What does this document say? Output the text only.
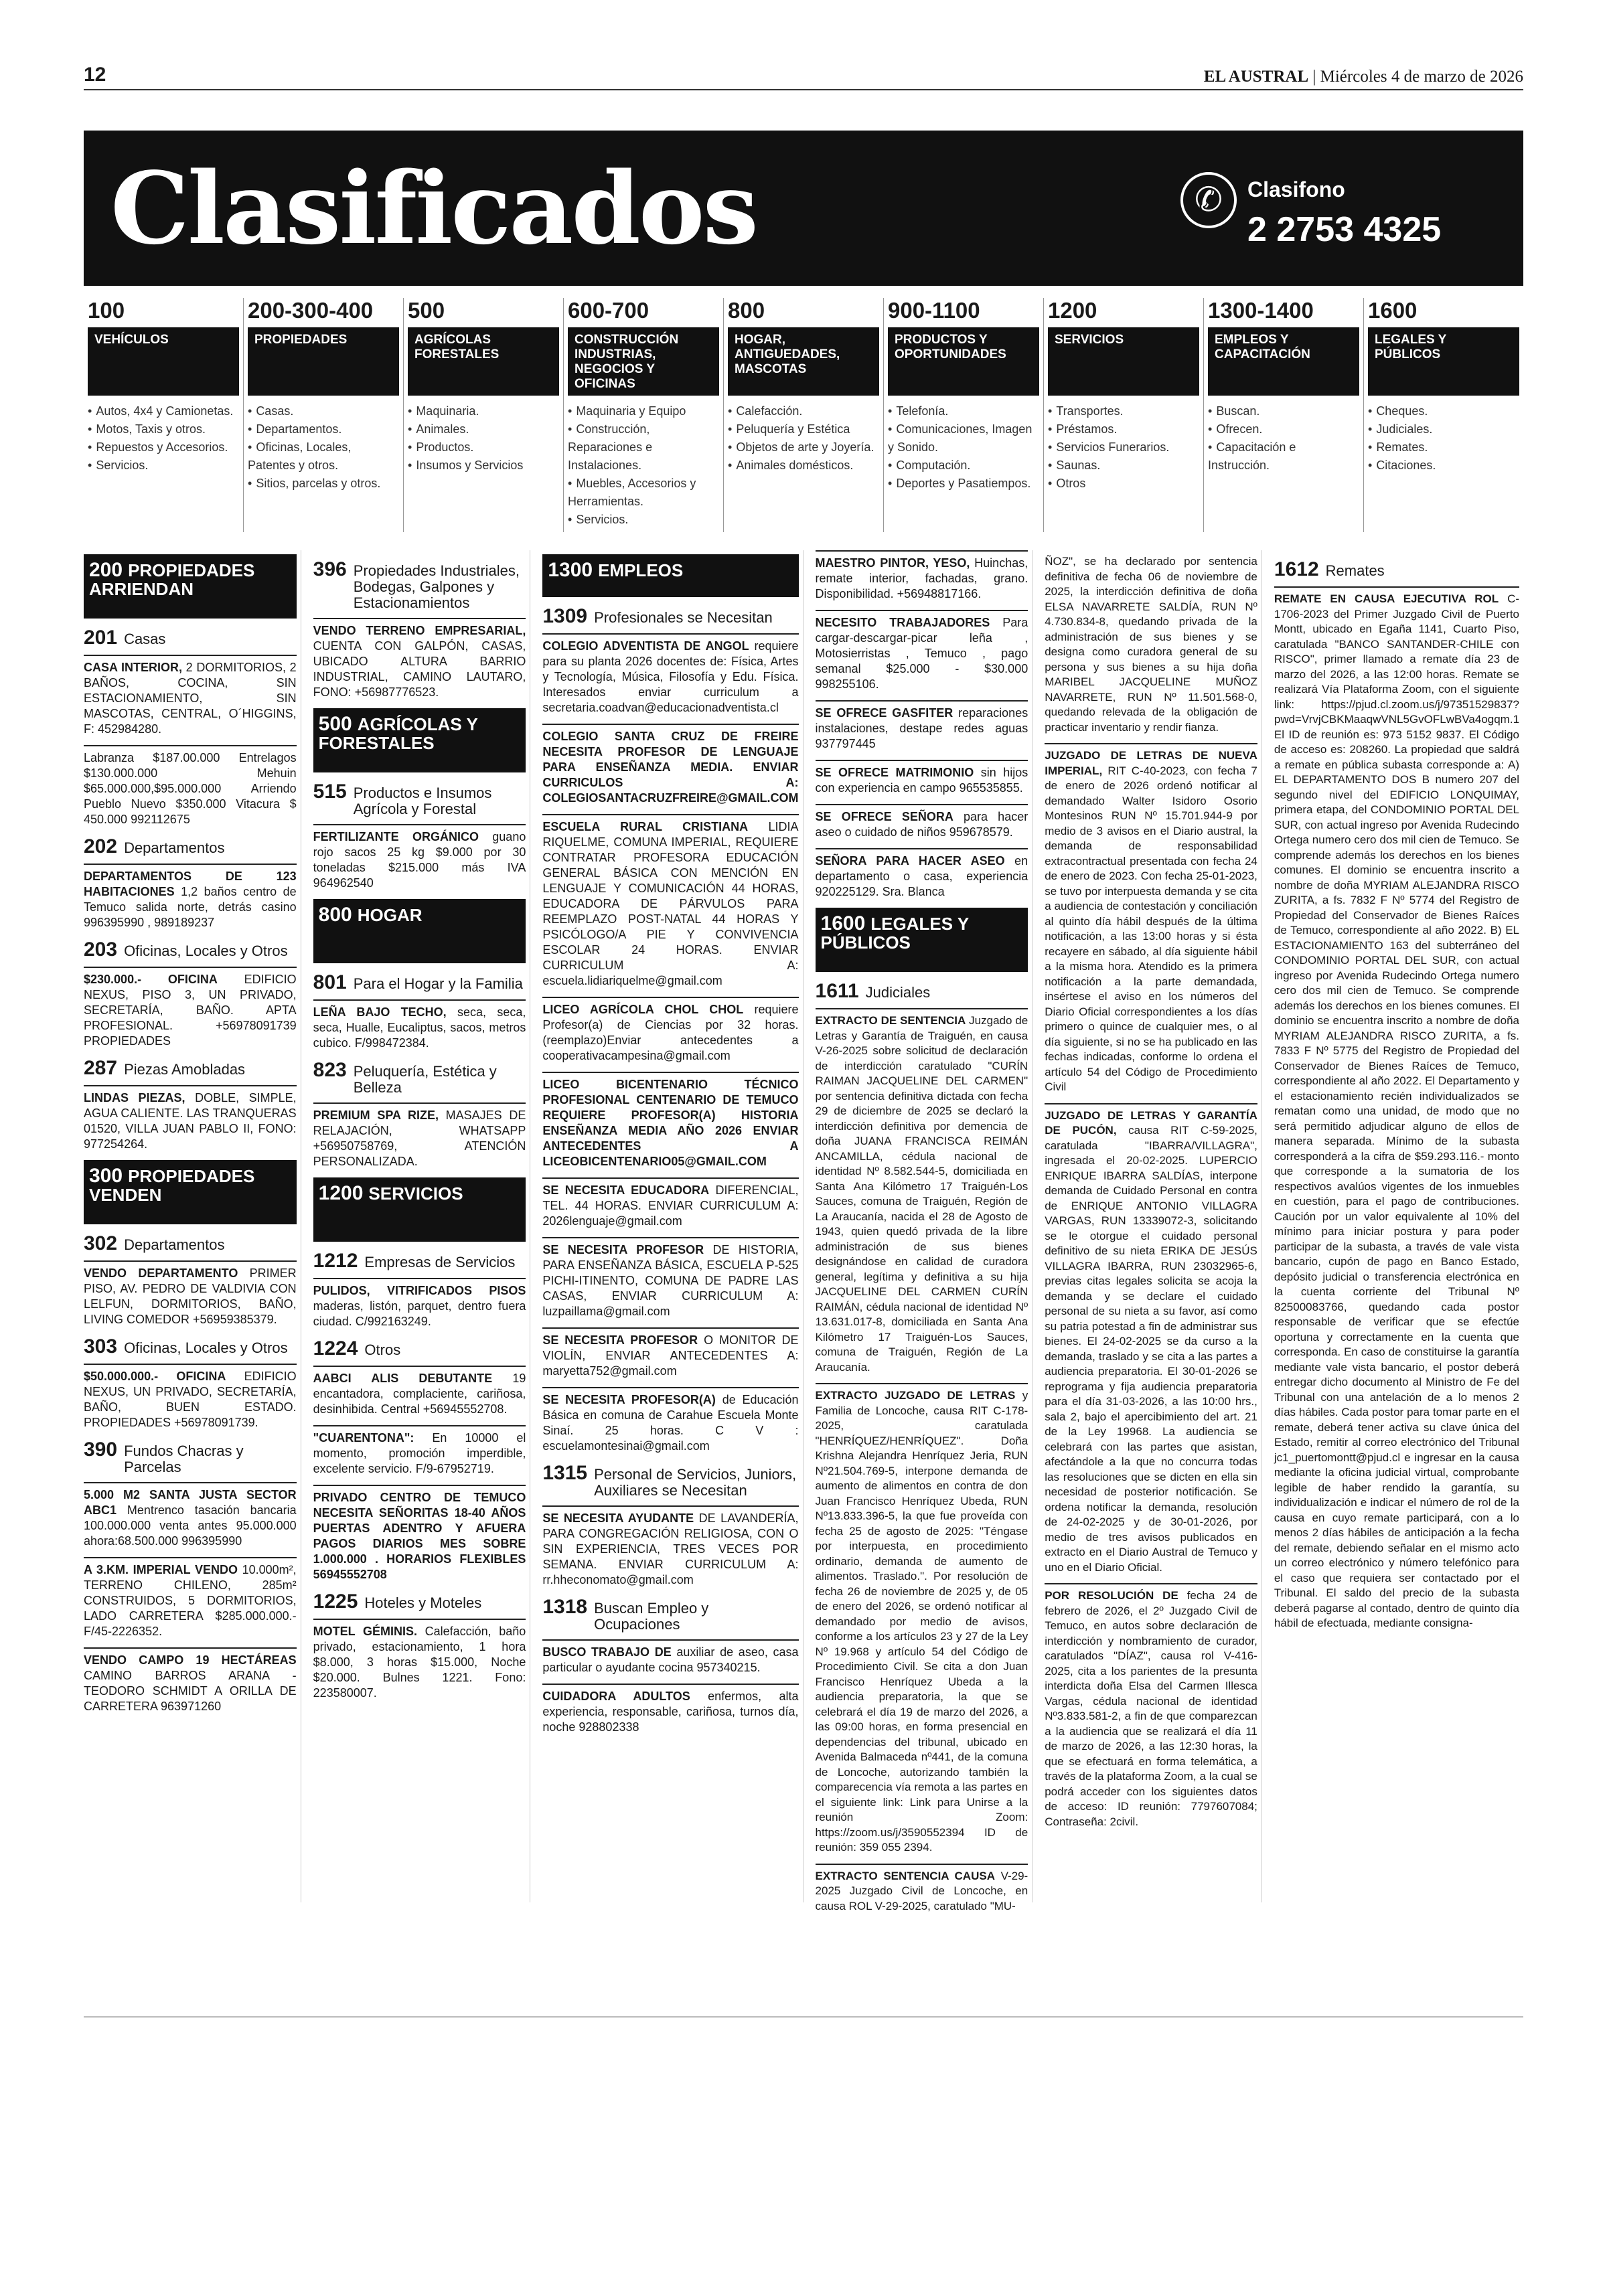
12	EL AUSTRAL | Miércoles 4 de marzo de 2026
Clasificados	✆	Clasifono
2 2753 4325
100
VEHÍCULOS
• Autos, 4x4 y Camionetas.
• Motos, Taxis y otros.
• Repuestos y Accesorios.
• Servicios.
200-300-400
PROPIEDADES
• Casas.
• Departamentos.
• Oficinas, Locales, Patentes y otros.
• Sitios, parcelas y otros.
500
AGRÍCOLAS FORESTALES
• Maquinaria.
• Animales.
• Productos.
• Insumos y Servicios
600-700
CONSTRUCCIÓN INDUSTRIAS, NEGOCIOS Y OFICINAS
• Maquinaria y Equipo
• Construcción, Reparaciones e Instalaciones.
• Muebles, Accesorios y Herramientas.
• Servicios.
800
HOGAR, ANTIGUEDADES, MASCOTAS
• Calefacción.
• Peluquería y Estética
• Objetos de arte y Joyería.
• Animales domésticos.
900-1100
PRODUCTOS Y OPORTUNIDADES
• Telefonía.
• Comunicaciones, Imagen y Sonido.
• Computación.
• Deportes y Pasatiempos.
1200
SERVICIOS
• Transportes.
• Préstamos.
• Servicios Funerarios.
• Saunas.
• Otros
1300-1400
EMPLEOS Y CAPACITACIÓN
• Buscan.
• Ofrecen.
• Capacitación e Instrucción.
1600
LEGALES Y PÚBLICOS
• Cheques.
• Judiciales.
• Remates.
• Citaciones.
200 PROPIEDADES ARRIENDAN
201 Casas
CASA INTERIOR, 2 DORMITORIOS, 2 BAÑOS, COCINA, SIN ESTACIONAMIENTO, SIN MASCOTAS, CENTRAL, O´HIGGINS, F: 452984280.
Labranza $187.00.000 Entrelagos $130.000.000 Mehuin $65.000.000,$95.000.000 Arriendo Pueblo Nuevo $350.000 Vitacura $ 450.000 992112675
202 Departamentos
DEPARTAMENTOS DE 123 HABITACIONES 1,2 baños centro de Temuco salida norte, detrás casino 996395990 , 989189237
203 Oficinas, Locales y Otros
$230.000.- OFICINA EDIFICIO NEXUS, PISO 3, UN PRIVADO, SECRETARÍA, BAÑO. APTA PROFESIONAL. +56978091739 PROPIEDADES
287 Piezas Amobladas
LINDAS PIEZAS, DOBLE, SIMPLE, AGUA CALIENTE. LAS TRANQUERAS 01520, VILLA JUAN PABLO II, FONO: 977254264.
300 PROPIEDADES VENDEN
302 Departamentos
VENDO DEPARTAMENTO PRIMER PISO, AV. PEDRO DE VALDIVIA CON LELFUN, DORMITORIOS, BAÑO, LIVING COMEDOR +56959385379.
303 Oficinas, Locales y Otros
$50.000.000.- OFICINA EDIFICIO NEXUS, UN PRIVADO, SECRETARÍA, BAÑO, BUEN ESTADO. PROPIEDADES +56978091739.
390 Fundos Chacras y Parcelas
5.000 M2 SANTA JUSTA SECTOR ABC1 Mentrenco tasación bancaria 100.000.000 venta antes 95.000.000 ahora:68.500.000 996395990
A 3.KM. IMPERIAL VENDO 10.000m², TERRENO CHILENO, 285m² CONSTRUIDOS, 5 DORMITORIOS, LADO CARRETERA $285.000.000.- F/45-2226352.
VENDO CAMPO 19 HECTÁREAS CAMINO BARROS ARANA - TEODORO SCHMIDT A ORILLA DE CARRETERA 963971260
396 Propiedades Industriales, Bodegas, Galpones y Estacionamientos
VENDO TERRENO EMPRESARIAL, CUENTA CON GALPÓN, CASAS, UBICADO ALTURA BARRIO INDUSTRIAL, CAMINO LAUTARO, FONO: +56987776523.
500 AGRÍCOLAS Y FORESTALES
515 Productos e Insumos Agrícola y Forestal
FERTILIZANTE ORGÁNICO guano rojo sacos 25 kg $9.000 por 30 toneladas $215.000 más IVA 964962540
800 HOGAR
801 Para el Hogar y la Familia
LEÑA BAJO TECHO, seca, seca, seca, Hualle, Eucaliptus, sacos, metros cubico. F/998472384.
823 Peluquería, Estética y Belleza
PREMIUM SPA RIZE, MASAJES DE RELAJACIÓN, WHATSAPP +56950758769, ATENCIÓN PERSONALIZADA.
1200 SERVICIOS
1212 Empresas de Servicios
PULIDOS, VITRIFICADOS PISOS maderas, listón, parquet, dentro fuera ciudad. C/992163249.
1224 Otros
AABCI ALIS DEBUTANTE 19 encantadora, complaciente, cariñosa, desinhibida. Central +56945552708.
"CUARENTONA": En 10000 el momento, promoción imperdible, excelente servicio. F/9-67952719.
PRIVADO CENTRO DE TEMUCO NECESITA SEÑORITAS 18-40 AÑOS PUERTAS ADENTRO Y AFUERA PAGOS DIARIOS MES SOBRE 1.000.000 . HORARIOS FLEXIBLES 56945552708
1225 Hoteles y Moteles
MOTEL GÉMINIS. Calefacción, baño privado, estacionamiento, 1 hora $8.000, 3 horas $15.000, Noche $20.000. Bulnes 1221. Fono: 223580007.
1300 EMPLEOS
1309 Profesionales se Necesitan
COLEGIO ADVENTISTA DE ANGOL requiere para su planta 2026 docentes de: Física, Artes y Tecnología, Música, Filosofía y Edu. Física. Interesados enviar curriculum a secretaria.coadvan@educacionadventista.cl
COLEGIO SANTA CRUZ DE FREIRE NECESITA PROFESOR DE LENGUAJE PARA ENSEÑANZA MEDIA. ENVIAR CURRICULOS A: COLEGIOSANTACRUZFREIRE@GMAIL.COM
ESCUELA RURAL CRISTIANA LIDIA RIQUELME, COMUNA IMPERIAL, REQUIERE CONTRATAR PROFESORA EDUCACIÓN GENERAL BÁSICA CON MENCIÓN EN LENGUAJE Y COMUNICACIÓN 44 HORAS, EDUCADORA DE PÁRVULOS PARA REEMPLAZO POST-NATAL 44 HORAS Y PSICÓLOGO/A PIE Y CONVIVENCIA ESCOLAR 24 HORAS. ENVIAR CURRICULUM A: escuela.lidiariquelme@gmail.com
LICEO AGRÍCOLA CHOL CHOL requiere Profesor(a) de Ciencias por 32 horas. (reemplazo)Enviar antecedentes a cooperativacampesina@gmail.com
LICEO BICENTENARIO TÉCNICO PROFESIONAL CENTENARIO DE TEMUCO REQUIERE PROFESOR(A) HISTORIA ENSEÑANZA MEDIA AÑO 2026 ENVIAR ANTECEDENTES A LICEOBICENTENARIO05@GMAIL.COM
SE NECESITA EDUCADORA DIFERENCIAL, TEL. 44 HORAS. ENVIAR CURRICULUM A: 2026lenguaje@gmail.com
SE NECESITA PROFESOR DE HISTORIA, PARA ENSEÑANZA BÁSICA, ESCUELA P-525 PICHI-ITINENTO, COMUNA DE PADRE LAS CASAS, ENVIAR CURRICULUM A: luzpaillama@gmail.com
SE NECESITA PROFESOR O MONITOR DE VIOLÍN, ENVIAR ANTECEDENTES A: maryetta752@gmail.com
SE NECESITA PROFESOR(A) de Educación Básica en comuna de Carahue Escuela Monte Sinaí. 25 horas. C V : escuelamontesinai@gmail.com
1315 Personal de Servicios, Juniors, Auxiliares se Necesitan
SE NECESITA AYUDANTE DE LAVANDERÍA, PARA CONGREGACIÓN RELIGIOSA, CON O SIN EXPERIENCIA, TRES VECES POR SEMANA. ENVIAR CURRICULUM A: rr.hheconomato@gmail.com
1318 Buscan Empleo y Ocupaciones
BUSCO TRABAJO DE auxiliar de aseo, casa particular o ayudante cocina 957340215.
CUIDADORA ADULTOS enfermos, alta experiencia, responsable, cariñosa, turnos día, noche 928802338
MAESTRO PINTOR, YESO, Huinchas, remate interior, fachadas, grano. Disponibilidad. +56948817166.
NECESITO TRABAJADORES Para cargar-descargar-picar leña , Motosierristas , Temuco , pago semanal $25.000 - $30.000 998255106.
SE OFRECE GASFITER reparaciones instalaciones, destape redes aguas 937797445
SE OFRECE MATRIMONIO sin hijos con experiencia en campo 965535855.
SE OFRECE SEÑORA para hacer aseo o cuidado de niños 959678579.
SEÑORA PARA HACER ASEO en departamento o casa, experiencia 920225129. Sra. Blanca
1600 LEGALES Y PÚBLICOS
1611 Judiciales
EXTRACTO DE SENTENCIA Juzgado de Letras y Garantía de Traiguén, en causa V-26-2025 sobre solicitud de declaración de interdicción caratulado "CURÍN RAIMAN JACQUELINE DEL CARMEN" por sentencia definitiva dictada con fecha 29 de diciembre de 2025 se declaró la interdicción definitiva por demencia de doña JUANA FRANCISCA REIMÁN ANCAMILLA, cédula nacional de identidad Nº 8.582.544-5, domiciliada en Santa Ana Kilómetro 17 Traiguén-Los Sauces, comuna de Traiguén, Región de La Araucanía, nacida el 28 de Agosto de 1943, quien quedó privada de la libre administración de sus bienes designándose en calidad de curadora general, legítima y definitiva a su hija JACQUELINE DEL CARMEN CURÍN RAIMÁN, cédula nacional de identidad Nº 13.631.017-8, domiciliada en Santa Ana Kilómetro 17 Traiguén-Los Sauces, comuna de Traiguén, Región de La Araucanía.
EXTRACTO JUZGADO DE LETRAS y Familia de Loncoche, causa RIT C-178-2025, caratulada "HENRÍQUEZ/HENRÍQUEZ". Doña Krishna Alejandra Henríquez Jeria, RUN Nº21.504.769-5, interpone demanda de aumento de alimentos en contra de don Juan Francisco Henríquez Ubeda, RUN Nº13.833.396-5, la que fue proveída con fecha 25 de agosto de 2025: "Téngase por interpuesta, en procedimiento ordinario, demanda de aumento de alimentos. Traslado.". Por resolución de fecha 26 de noviembre de 2025 y, de 05 de enero del 2026, se ordenó notificar al demandado por medio de avisos, conforme a los artículos 23 y 27 de la Ley Nº 19.968 y artículo 54 del Código de Procedimiento Civil. Se cita a don Juan Francisco Henríquez Ubeda a la audiencia preparatoria, la que se celebrará el día 19 de marzo del 2026, a las 09:00 horas, en forma presencial en dependencias del tribunal, ubicado en Avenida Balmaceda nº441, de la comuna de Loncoche, autorizando también la comparecencia vía remota a las partes en el siguiente link: Link para Unirse a la reunión Zoom: https://zoom.us/j/3590552394 ID de reunión: 359 055 2394.
EXTRACTO SENTENCIA CAUSA V-29-2025 Juzgado Civil de Loncoche, en causa ROL V-29-2025, caratulado "MU-
ÑOZ", se ha declarado por sentencia definitiva de fecha 06 de noviembre de 2025, la interdicción definitiva de doña ELSA NAVARRETE SALDÍA, RUN Nº 4.730.834-8, quedando privada de la administración de sus bienes y se designa como curadora general de su persona y sus bienes a su hija doña MARIBEL JACQUELINE MUÑOZ NAVARRETE, RUN Nº 11.501.568-0, quedando relevada de la obligación de practicar inventario y rendir fianza.
JUZGADO DE LETRAS DE NUEVA IMPERIAL, RIT C-40-2023, con fecha 7 de enero de 2026 ordenó notificar al demandado Walter Isidoro Osorio Montesinos RUN Nº 15.701.944-9 por medio de 3 avisos en el Diario austral, la demanda de responsabilidad extracontractual presentada con fecha 24 de enero de 2023. Con fecha 25-01-2023, se tuvo por interpuesta demanda y se cita a audiencia de contestación y conciliación al quinto día hábil después de la última notificación, a las 13:00 horas y si ésta recayere en sábado, al día siguiente hábil a la misma hora. Atendido es la primera notificación a la parte demandada, insértese el aviso en los números del Diario Oficial correspondientes a los días primero o quince de cualquier mes, o al día siguiente, si no se ha publicado en las fechas indicadas, conforme lo ordena el artículo 54 del Código de Procedimiento Civil
JUZGADO DE LETRAS Y GARANTÍA DE PUCÓN, causa RIT C-59-2025, caratulada "IBARRA/VILLAGRA", ingresada el 20-02-2025. LUPERCIO ENRIQUE IBARRA SALDÍAS, interpone demanda de Cuidado Personal en contra de ENRIQUE ANTONIO VILLAGRA VARGAS, RUN 13339072-3, solicitando se le otorgue el cuidado personal definitivo de su nieta ERIKA DE JESÚS VILLAGRA IBARRA, RUN 23032965-6, previas citas legales solicita se acoja la demanda y se declare el cuidado personal de su nieta a su favor, así como su patria potestad a fin de administrar sus bienes. El 24-02-2025 se da curso a la demanda, traslado y se cita a las partes a audiencia preparatoria. El 30-01-2026 se reprograma y fija audiencia preparatoria para el día 31-03-2026, a las 10:00 hrs., sala 2, bajo el apercibimiento del art. 21 de la Ley 19968. La audiencia se celebrará con las partes que asistan, afectándole a la que no concurra todas las resoluciones que se dicten en ella sin necesidad de posterior notificación. Se ordena notificar la demanda, resolución de 24-02-2025 y de 30-01-2026, por medio de tres avisos publicados en extracto en el Diario Austral de Temuco y uno en el Diario Oficial.
POR RESOLUCIÓN DE fecha 24 de febrero de 2026, el 2º Juzgado Civil de Temuco, en autos sobre declaración de interdicción y nombramiento de curador, caratulados "DÍAZ", causa rol V-416-2025, cita a los parientes de la presunta interdicta doña Elsa del Carmen Illesca Vargas, cédula nacional de identidad Nº3.833.581-2, a fin de que comparezcan a la audiencia que se realizará el día 11 de marzo de 2026, a las 12:30 horas, la que se efectuará en forma telemática, a través de la plataforma Zoom, a la cual se podrá acceder con los siguientes datos de acceso: ID reunión: 7797607084; Contraseña: 2civil.
1612 Remates
REMATE EN CAUSA EJECUTIVA ROL C-1706-2023 del Primer Juzgado Civil de Puerto Montt, ubicado en Egaña 1141, Cuarto Piso, caratulada "BANCO SANTANDER-CHILE con RISCO", primer llamado a remate día 23 de marzo del 2026, a las 12:00 horas. Remate se realizará Vía Plataforma Zoom, con el siguiente link: https://pjud.cl.zoom.us/j/97351529837?pwd=VrvjCBKMaaqwVNL5GvOFLwBVa4ogqm.1 El ID de reunión es: 973 5152 9837. El Código de acceso es: 208260. La propiedad que saldrá a remate en pública subasta corresponde a: A) EL DEPARTAMENTO DOS B numero 207 del segundo nivel del EDIFICIO LONQUIMAY, primera etapa, del CONDOMINIO PORTAL DEL SUR, con actual ingreso por Avenida Rudecindo Ortega numero cero dos mil cien de Temuco. Se comprende además los derechos en los bienes comunes. El dominio se encuentra inscrito a nombre de doña MYRIAM ALEJANDRA RISCO ZURITA, a fs. 7832 F Nº 5774 del Registro de Propiedad del Conservador de Bienes Raíces de Temuco, correspondiente al año 2022. B) EL ESTACIONAMIENTO 163 del subterráneo del CONDOMINIO PORTAL DEL SUR, con actual ingreso por Avenida Rudecindo Ortega numero cero dos mil cien de Temuco. Se comprende además los derechos en los bienes comunes. El dominio se encuentra inscrito a nombre de doña MYRIAM ALEJANDRA RISCO ZURITA, a fs. 7833 F Nº 5775 del Registro de Propiedad del Conservador de Bienes Raíces de Temuco, correspondiente al año 2022. El Departamento y el estacionamiento recién individualizados se rematan como una unidad, de modo que no será permitido adjudicar alguno de ellos de manera separada. Mínimo de la subasta corresponderá a la cifra de $59.293.116.- monto que corresponde a la sumatoria de los respectivos avalúos vigentes de los inmuebles en cuestión, para el pago de contribuciones. Caución por un valor equivalente al 10% del mínimo para iniciar postura y para poder participar de la subasta, a través de vale vista bancario, cupón de pago en Banco Estado, depósito judicial o transferencia electrónica en la cuenta corriente del Tribunal Nº 82500083766, quedando cada postor responsable de verificar que se efectúe oportuna y correctamente en la cuenta que corresponda. En caso de constituirse la garantía mediante vale vista bancario, el postor deberá entregar dicho documento al Ministro de Fe del Tribunal con una antelación de a lo menos 2 días hábiles. Cada postor para tomar parte en el remate, deberá tener activa su clave única del Estado, remitir al correo electrónico del Tribunal jc1_puertomontt@pjud.cl e ingresar en la causa mediante la oficina judicial virtual, comprobante legible de haber rendido la garantía, su individualización e indicar el número de rol de la causa en cuyo remate participará, con a lo menos 2 días hábiles de anticipación a la fecha del remate, debiendo señalar en el mismo acto un correo electrónico y número telefónico para el caso que requiera ser contactado por el Tribunal. El saldo del precio de la subasta deberá pagarse al contado, dentro de quinto día hábil de efectuada, mediante consigna-
